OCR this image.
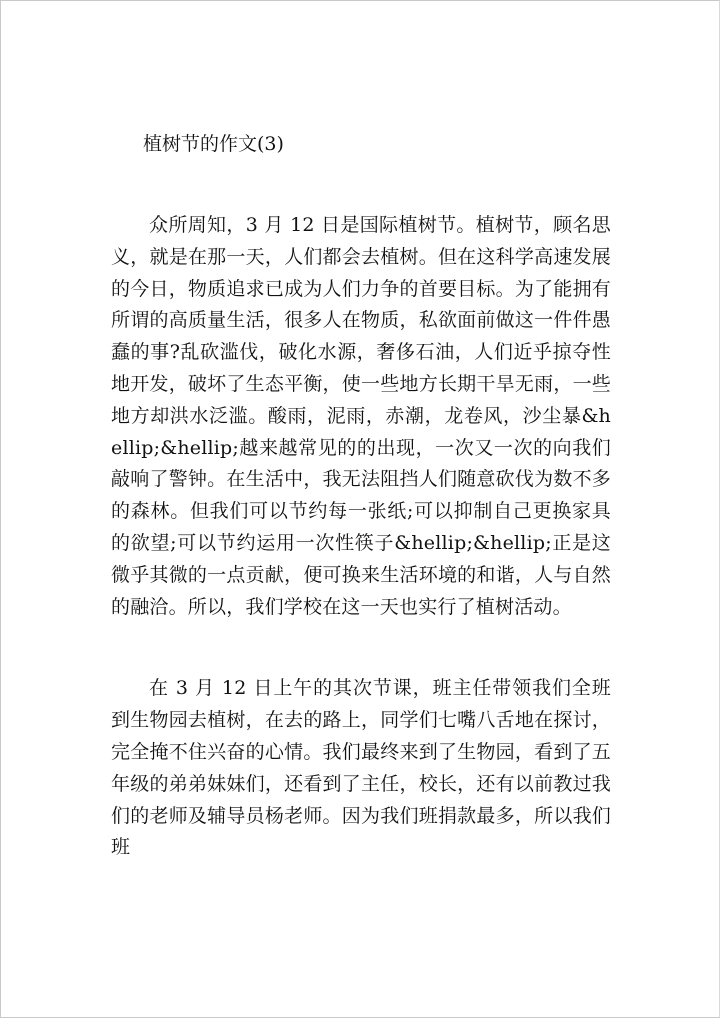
植树节的作文(3)

众所周知，3 月 12 日是国际植树节。植树节，顾名思义，就是在那一天，人们都会去植树。但在这科学高速发展的今日，物质追求已成为人们力争的首要目标。为了能拥有所谓的高质量生活，很多人在物质，私欲面前做这一件件愚蠢的事?乱砍滥伐，破化水源，奢侈石油，人们近乎掠夺性地开发，破坏了生态平衡，使一些地方长期干旱无雨，一些地方却洪水泛滥。酸雨，泥雨，赤潮，龙卷风，沙尘暴&hellip;&hellip;越来越常见的的出现，一次又一次的向我们敲响了警钟。在生活中，我无法阻挡人们随意砍伐为数不多的森林。但我们可以节约每一张纸;可以抑制自己更换家具的欲望;可以节约运用一次性筷子&hellip;&hellip;正是这微乎其微的一点贡献，便可换来生活环境的和谐，人与自然的融洽。所以，我们学校在这一天也实行了植树活动。

在 3 月 12 日上午的其次节课，班主任带领我们全班到生物园去植树，在去的路上，同学们七嘴八舌地在探讨，完全掩不住兴奋的心情。我们最终来到了生物园，看到了五年级的弟弟妹妹们，还看到了主任，校长，还有以前教过我们的老师及辅导员杨老师。因为我们班捐款最多，所以我们班
